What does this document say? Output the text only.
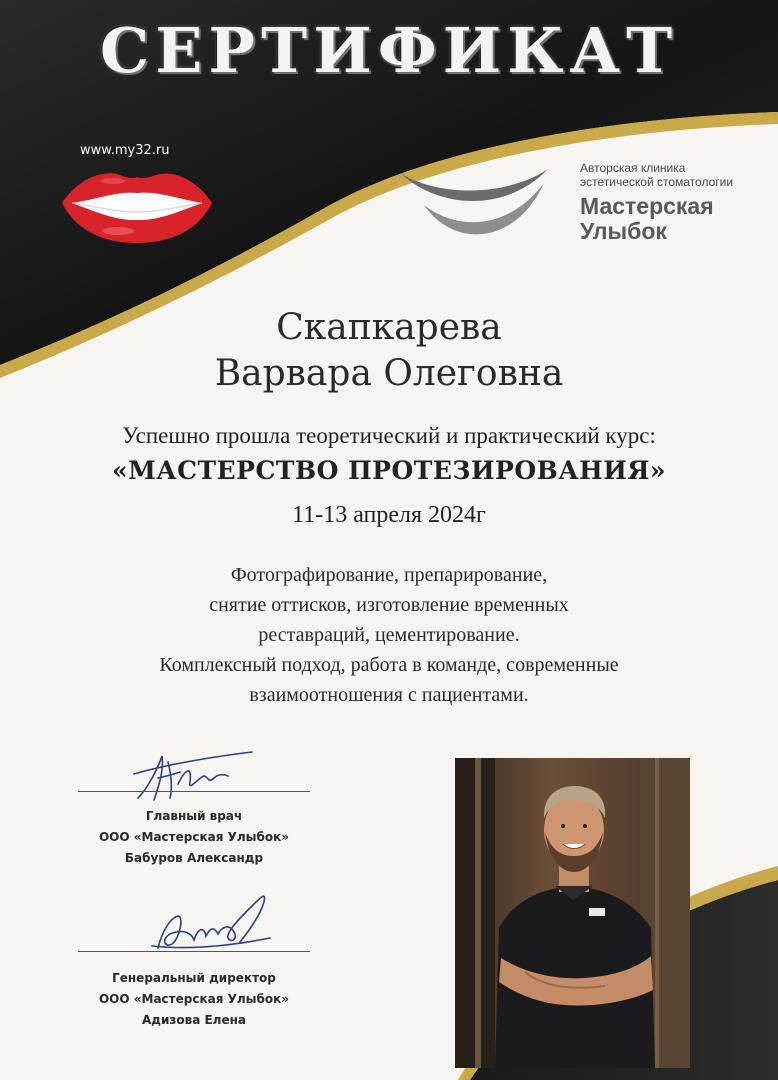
СЕРТИФИКАТ
www.my32.ru
Авторская клиника
эстетической стоматологии
Мастерская
Улыбок
Скапкарева
Варвара Олеговна
Успешно прошла теоретический и практический курс:
«МАСТЕРСТВО ПРОТЕЗИРОВАНИЯ»
11-13 апреля 2024г
Фотографирование, препарирование,
снятие оттисков, изготовление временных
реставраций, цементирование.
Комплексный подход, работа в команде, современные
взаимоотношения с пациентами.
Главный врач
ООО «Мастерская Улыбок»
Бабуров Александр
Генеральный директор
ООО «Мастерская Улыбок»
Адизова Елена
